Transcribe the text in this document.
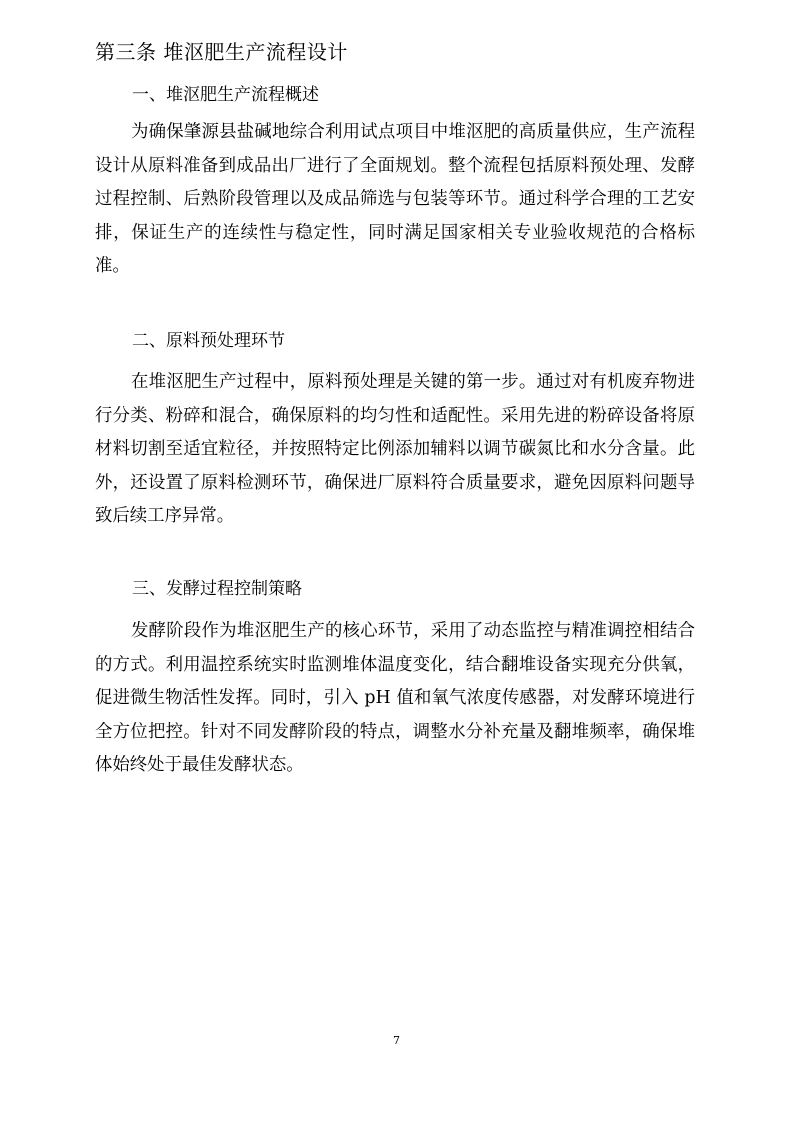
第三条 堆沤肥生产流程设计
一、堆沤肥生产流程概述

为确保肇源县盐碱地综合利用试点项目中堆沤肥的高质量供应，生产流程设计从原料准备到成品出厂进行了全面规划。整个流程包括原料预处理、发酵过程控制、后熟阶段管理以及成品筛选与包装等环节。通过科学合理的工艺安排，保证生产的连续性与稳定性，同时满足国家相关专业验收规范的合格标准。

二、原料预处理环节

在堆沤肥生产过程中，原料预处理是关键的第一步。通过对有机废弃物进行分类、粉碎和混合，确保原料的均匀性和适配性。采用先进的粉碎设备将原材料切割至适宜粒径，并按照特定比例添加辅料以调节碳氮比和水分含量。此外，还设置了原料检测环节，确保进厂原料符合质量要求，避免因原料问题导致后续工序异常。

三、发酵过程控制策略

发酵阶段作为堆沤肥生产的核心环节，采用了动态监控与精准调控相结合的方式。利用温控系统实时监测堆体温度变化，结合翻堆设备实现充分供氧，促进微生物活性发挥。同时，引入 pH 值和氧气浓度传感器，对发酵环境进行全方位把控。针对不同发酵阶段的特点，调整水分补充量及翻堆频率，确保堆体始终处于最佳发酵状态。

7
